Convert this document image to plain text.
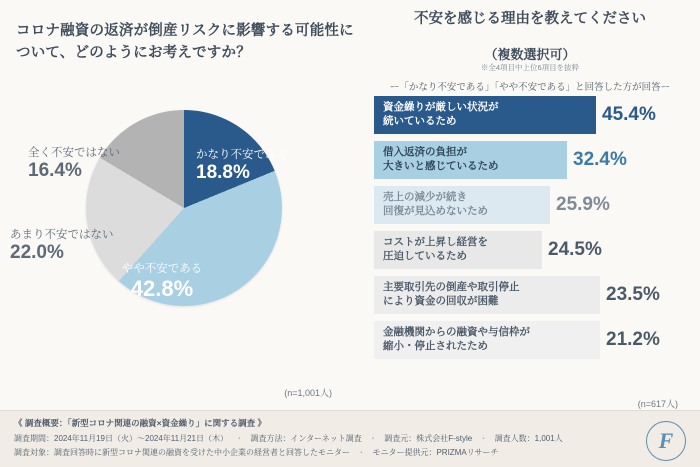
コロナ融資の返済が倒産リスクに影響する可能性について、どのようにお考えですか？
かなり不安である
18.8%
やや不安である
42.8%
あまり不安ではない
22.0%
全く不安ではない
16.4%
(n=1,001人)
不安を感じる理由を教えてください
（複数選択可）
※全4項目中上位6項目を抜粋
ー「かなり不安である」「やや不安である」と回答した方が回答ー
資金繰りが厳しい状況が
続いているため	45.4%
借入返済の負担が
大きいと感じているため	32.4%
売上の減少が続き
回復が見込めないため	25.9%
コストが上昇し経営を
圧迫しているため	24.5%
主要取引先の倒産や取引停止
により資金の回収が困難	23.5%
金融機関からの融資や与信枠が
縮小・停止されたため	21.2%
(n=617人)
《 調査概要：「新型コロナ関連の融資×資金繰り」に関する調査 》
調査期間：2024年11月19日（火）～2024年11月21日（木） ・ 調査方法：インターネット調査 ・ 調査元：株式会社F-style ・ 調査人数：1,001人
調査対象：調査回答時に新型コロナ関連の融資を受けた中小企業の経営者と回答したモニター ・ モニター提供元：PRIZMAリサーチ	F
